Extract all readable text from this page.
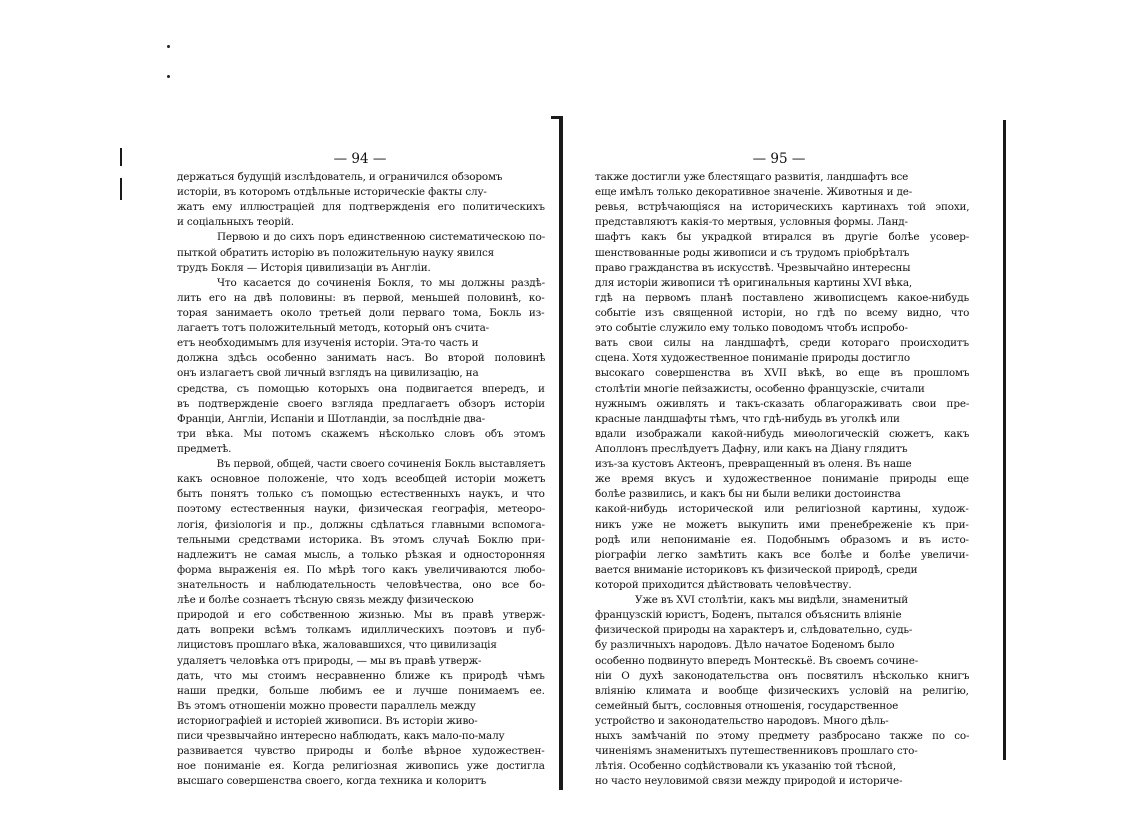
— 94 —
держаться будущій изслѣдователь, и ограничился обзоромъ
исторіи, въ которомъ отдѣльные историческіе факты слу-
жатъ ему иллюстраціей для подтвержденія его политическихъ
и соціальныхъ теорій.
Первою и до сихъ поръ единственною систематическою по-
пыткой обратить исторію въ положительную науку явился
трудъ Бокля — Исторія цивилизаціи въ Англіи.
Что касается до сочиненія Бокля, то мы должны раздѣ-
лить его на двѣ половины: въ первой, меньшей половинѣ, ко-
торая занимаетъ около третьей доли перваго тома, Бокль из-
лагаетъ тотъ положительный методъ, который онъ счита-
етъ необходимымъ для изученія исторіи. Эта-то часть и
должна здѣсь особенно занимать насъ. Во второй половинѣ
онъ излагаетъ свой личный взглядъ на цивилизацію, на
средства, съ помощью которыхъ она подвигается впередъ, и
въ подтвержденіе своего взгляда предлагаетъ обзоръ исторіи
Франціи, Англіи, Испаніи и Шотландіи, за послѣдніе два-
три вѣка. Мы потомъ скажемъ нѣсколько словъ объ этомъ
предметѣ.
Въ первой, общей, части своего сочиненія Бокль выставляетъ
какъ основное положеніе, что ходъ всеобщей исторіи можетъ
быть понятъ только съ помощью естественныхъ наукъ, и что
поэтому естественныя науки, физическая географія, метеоро-
логія, физіологія и пр., должны сдѣлаться главными вспомога-
тельными средствами историка. Въ этомъ случаѣ Боклю при-
надлежитъ не самая мысль, а только рѣзкая и односторонняя
форма выраженія ея. По мѣрѣ того какъ увеличиваются любо-
знательность и наблюдательность человѣчества, оно все бо-
лѣе и болѣе сознаетъ тѣсную связь между физическою
природой и его собственною жизнью. Мы въ правѣ утверж-
дать вопреки всѣмъ толкамъ идиллическихъ поэтовъ и пуб-
лицистовъ прошлаго вѣка, жаловавшихся, что цивилизація
удаляетъ человѣка отъ природы, — мы въ правѣ утверж-
дать, что мы стоимъ несравненно ближе къ природѣ чѣмъ
наши предки, больше любимъ ее и лучше понимаемъ ее.
Въ этомъ отношеніи можно провести параллель между
историографіей и исторіей живописи. Въ исторіи живо-
писи чрезвычайно интересно наблюдать, какъ мало-по-малу
развивается чувство природы и болѣе вѣрное художествен-
ное пониманіе ея. Когда религіозная живопись уже достигла
высшаго совершенства своего, когда техника и колоритъ
— 95 —
также достигли уже блестящаго развитія, ландшафтъ все
еще имѣлъ только декоративное значеніе. Животныя и де-
ревья, встрѣчающіяся на историческихъ картинахъ той эпохи,
представляютъ какія-то мертвыя, условныя формы. Ланд-
шафтъ какъ бы украдкой втирался въ другіе болѣе усовер-
шенствованные роды живописи и съ трудомъ пріобрѣталъ
право гражданства въ искусствѣ. Чрезвычайно интересны
для исторіи живописи тѣ оригинальныя картины XVI вѣка,
гдѣ на первомъ планѣ поставлено живописцемъ какое-нибудь
событіе изъ священной исторіи, но гдѣ по всему видно, что
это событіе служило ему только поводомъ чтобъ испробо-
вать свои силы на ландшафтѣ, среди котораго происходитъ
сцена. Хотя художественное пониманіе природы достигло
высокаго совершенства въ XVII вѣкѣ, во еще въ прошломъ
столѣтіи многіе пейзажисты, особенно французскіе, считали
нужнымъ оживлять и такъ-сказать облагораживать свои пре-
красные ландшафты тѣмъ, что гдѣ-нибудь въ уголкѣ или
вдали изображали какой-нибудь миѳологическій сюжетъ, какъ
Аполлонъ преслѣдуетъ Дафну, или какъ на Діану глядитъ
изъ-за кустовъ Актеонъ, превращенный въ оленя. Въ наше
же время вкусъ и художественное пониманіе природы еще
болѣе развились, и какъ бы ни были велики достоинства
какой-нибудь исторической или религіозной картины, худож-
никъ уже не можетъ выкупить ими пренебреженіе къ при-
родѣ или непониманіе ея. Подобнымъ образомъ и въ исто-
ріографіи легко замѣтить какъ все болѣе и болѣе увеличи-
вается вниманіе историковъ къ физической природѣ, среди
которой приходится дѣйствовать человѣчеству.
Уже въ XVI столѣтіи, какъ мы видѣли, знаменитый
французскій юристъ, Боденъ, пытался объяснить вліяніе
физической природы на характеръ и, слѣдовательно, судь-
бу различныхъ народовъ. Дѣло начатое Боденомъ было
особенно подвинуто впередъ Монтескьё. Въ своемъ сочине-
ніи О духѣ законодательства онъ посвятилъ нѣсколько книгъ
вліянію климата и вообще физическихъ условій на религію,
семейный бытъ, сословныя отношенія, государственное
устройство и законодательство народовъ. Много дѣль-
ныхъ замѣчаній по этому предмету разбросано также по со-
чиненіямъ знаменитыхъ путешественниковъ прошлаго сто-
лѣтія. Особенно содѣйствовали къ указанію той тѣсной,
но часто неуловимой связи между природой и историче-
